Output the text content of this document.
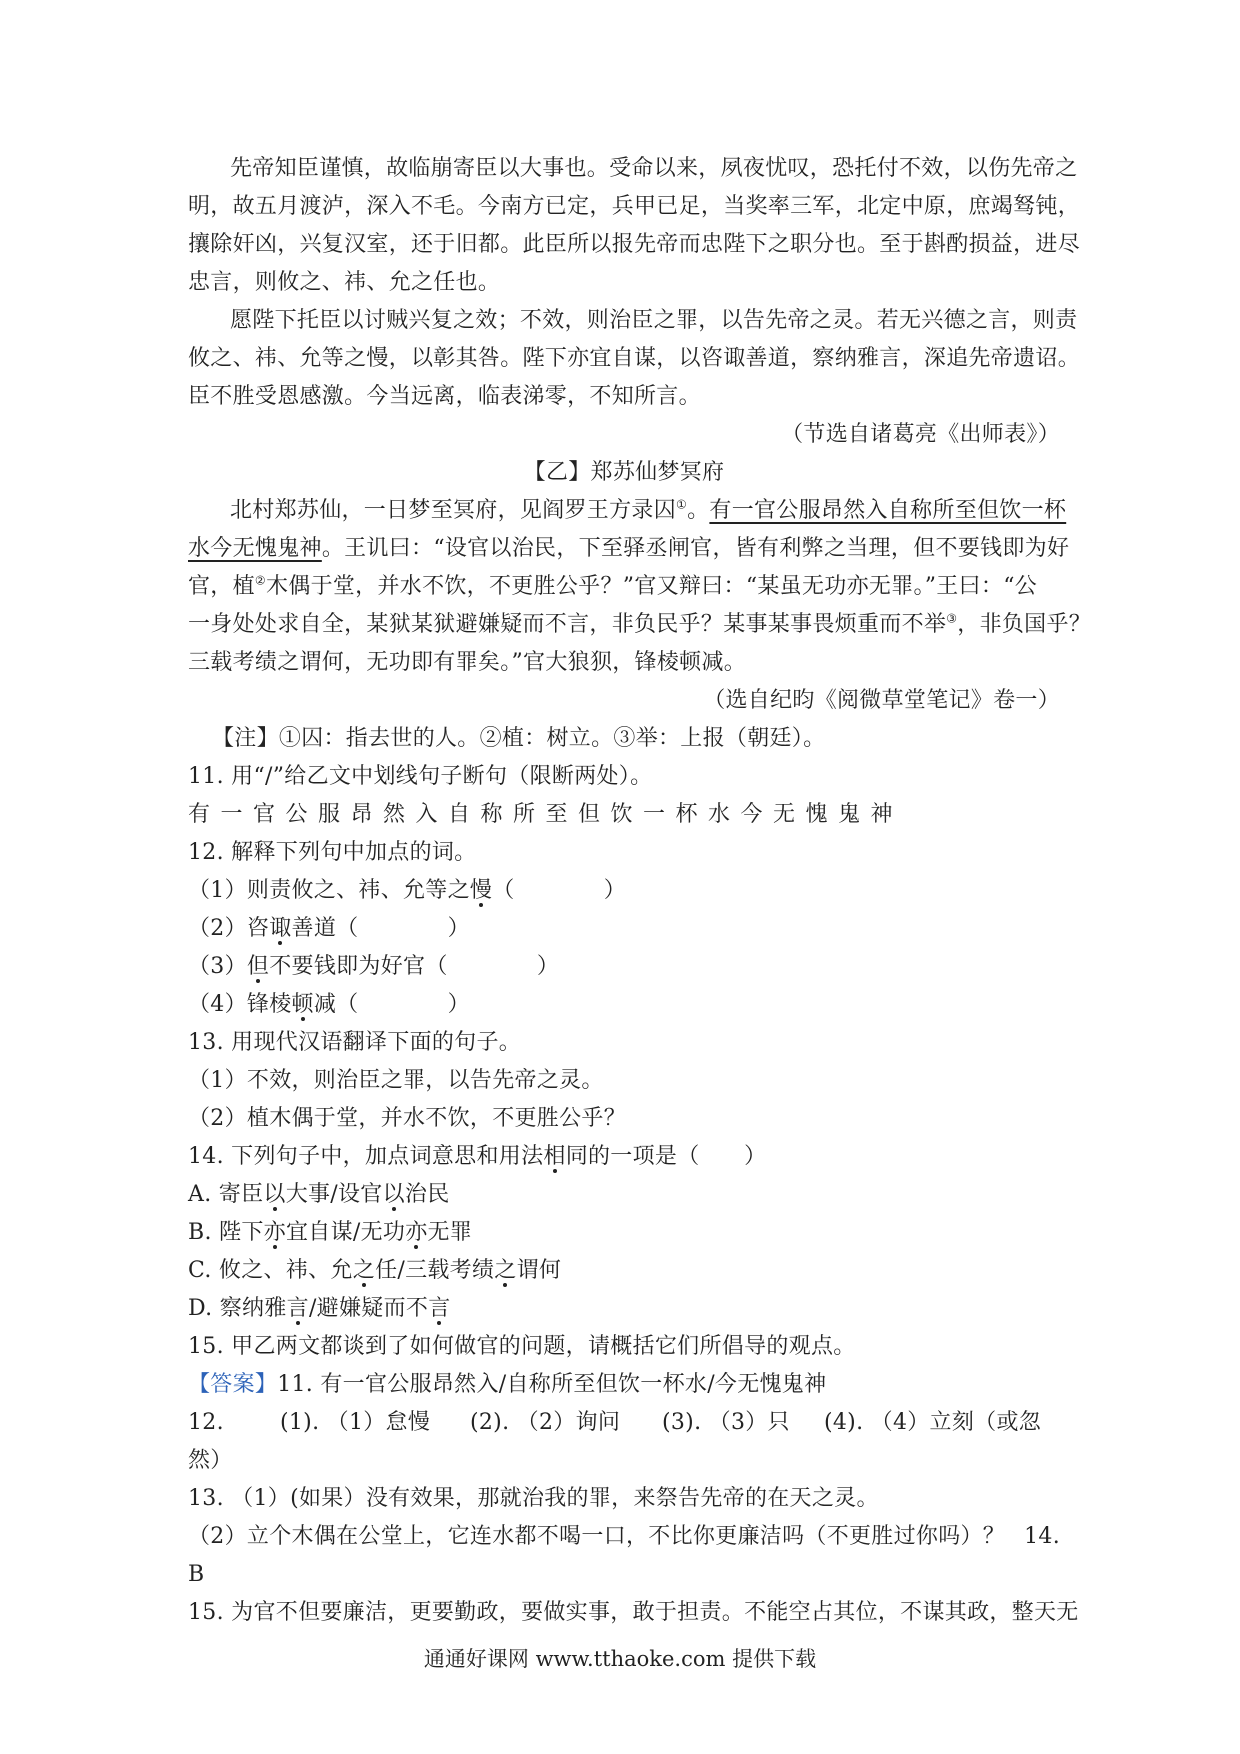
先帝知臣谨慎，故临崩寄臣以大事也。受命以来，夙夜忧叹，恐托付不效，以伤先帝之
明，故五月渡泸，深入不毛。今南方已定，兵甲已足，当奖率三军，北定中原，庶竭驽钝，
攘除奸凶，兴复汉室，还于旧都。此臣所以报先帝而忠陛下之职分也。至于斟酌损益，进尽
忠言，则攸之、祎、允之任也。
愿陛下托臣以讨贼兴复之效；不效，则治臣之罪，以告先帝之灵。若无兴德之言，则责
攸之、祎、允等之慢，以彰其咎。陛下亦宜自谋，以咨诹善道，察纳雅言，深追先帝遗诏。
臣不胜受恩感激。今当远离，临表涕零，不知所言。
（节选自诸葛亮《出师表》）
【乙】郑苏仙梦冥府
北村郑苏仙，一日梦至冥府，见阎罗王方录囚①。有一官公服昂然入自称所至但饮一杯
水今无愧鬼神。王讥曰：“设官以治民，下至驿丞闸官，皆有利弊之当理，但不要钱即为好
官，植②木偶于堂，并水不饮，不更胜公乎？”官又辩曰：“某虽无功亦无罪。”王曰：“公
一身处处求自全，某狱某狱避嫌疑而不言，非负民乎？某事某事畏烦重而不举③，非负国乎？
三载考绩之谓何，无功即有罪矣。”官大狼狈，锋棱顿减。
（选自纪昀《阅微草堂笔记》卷一）
【注】①囚：指去世的人。②植：树立。③举：上报（朝廷）。
11. 用“/”给乙文中划线句子断句（限断两处）。
有一官公服昂然入自称所至但饮一杯水今无愧鬼神
12. 解释下列句中加点的词。
（1）则责攸之、祎、允等之慢（　　　　）
（2）咨诹善道（　　　　）
（3）但不要钱即为好官（　　　　）
（4）锋棱顿减（　　　　）
13. 用现代汉语翻译下面的句子。
（1）不效，则治臣之罪，以告先帝之灵。
（2）植木偶于堂，并水不饮，不更胜公乎？
14. 下列句子中，加点词意思和用法相同的一项是（　　）
A. 寄臣以大事/设官以治民
B. 陛下亦宜自谋/无功亦无罪
C. 攸之、祎、允之任/三载考绩之谓何
D. 察纳雅言/避嫌疑而不言
15. 甲乙两文都谈到了如何做官的问题，请概括它们所倡导的观点。
【答案】11. 有一官公服昂然入/自称所至但饮一杯水/今无愧鬼神
12.	(1). （1）怠慢 (2). （2）询问 (3). （3）只 (4). （4）立刻（或忽
然）
13. （1）(如果）没有效果，那就治我的罪，来祭告先帝的在天之灵。
（2）立个木偶在公堂上，它连水都不喝一口，不比你更廉洁吗（不更胜过你吗）？ 14.
B
15. 为官不但要廉洁，更要勤政，要做实事，敢于担责。不能空占其位，不谋其政，整天无
通通好课网 www.tthaoke.com 提供下载
